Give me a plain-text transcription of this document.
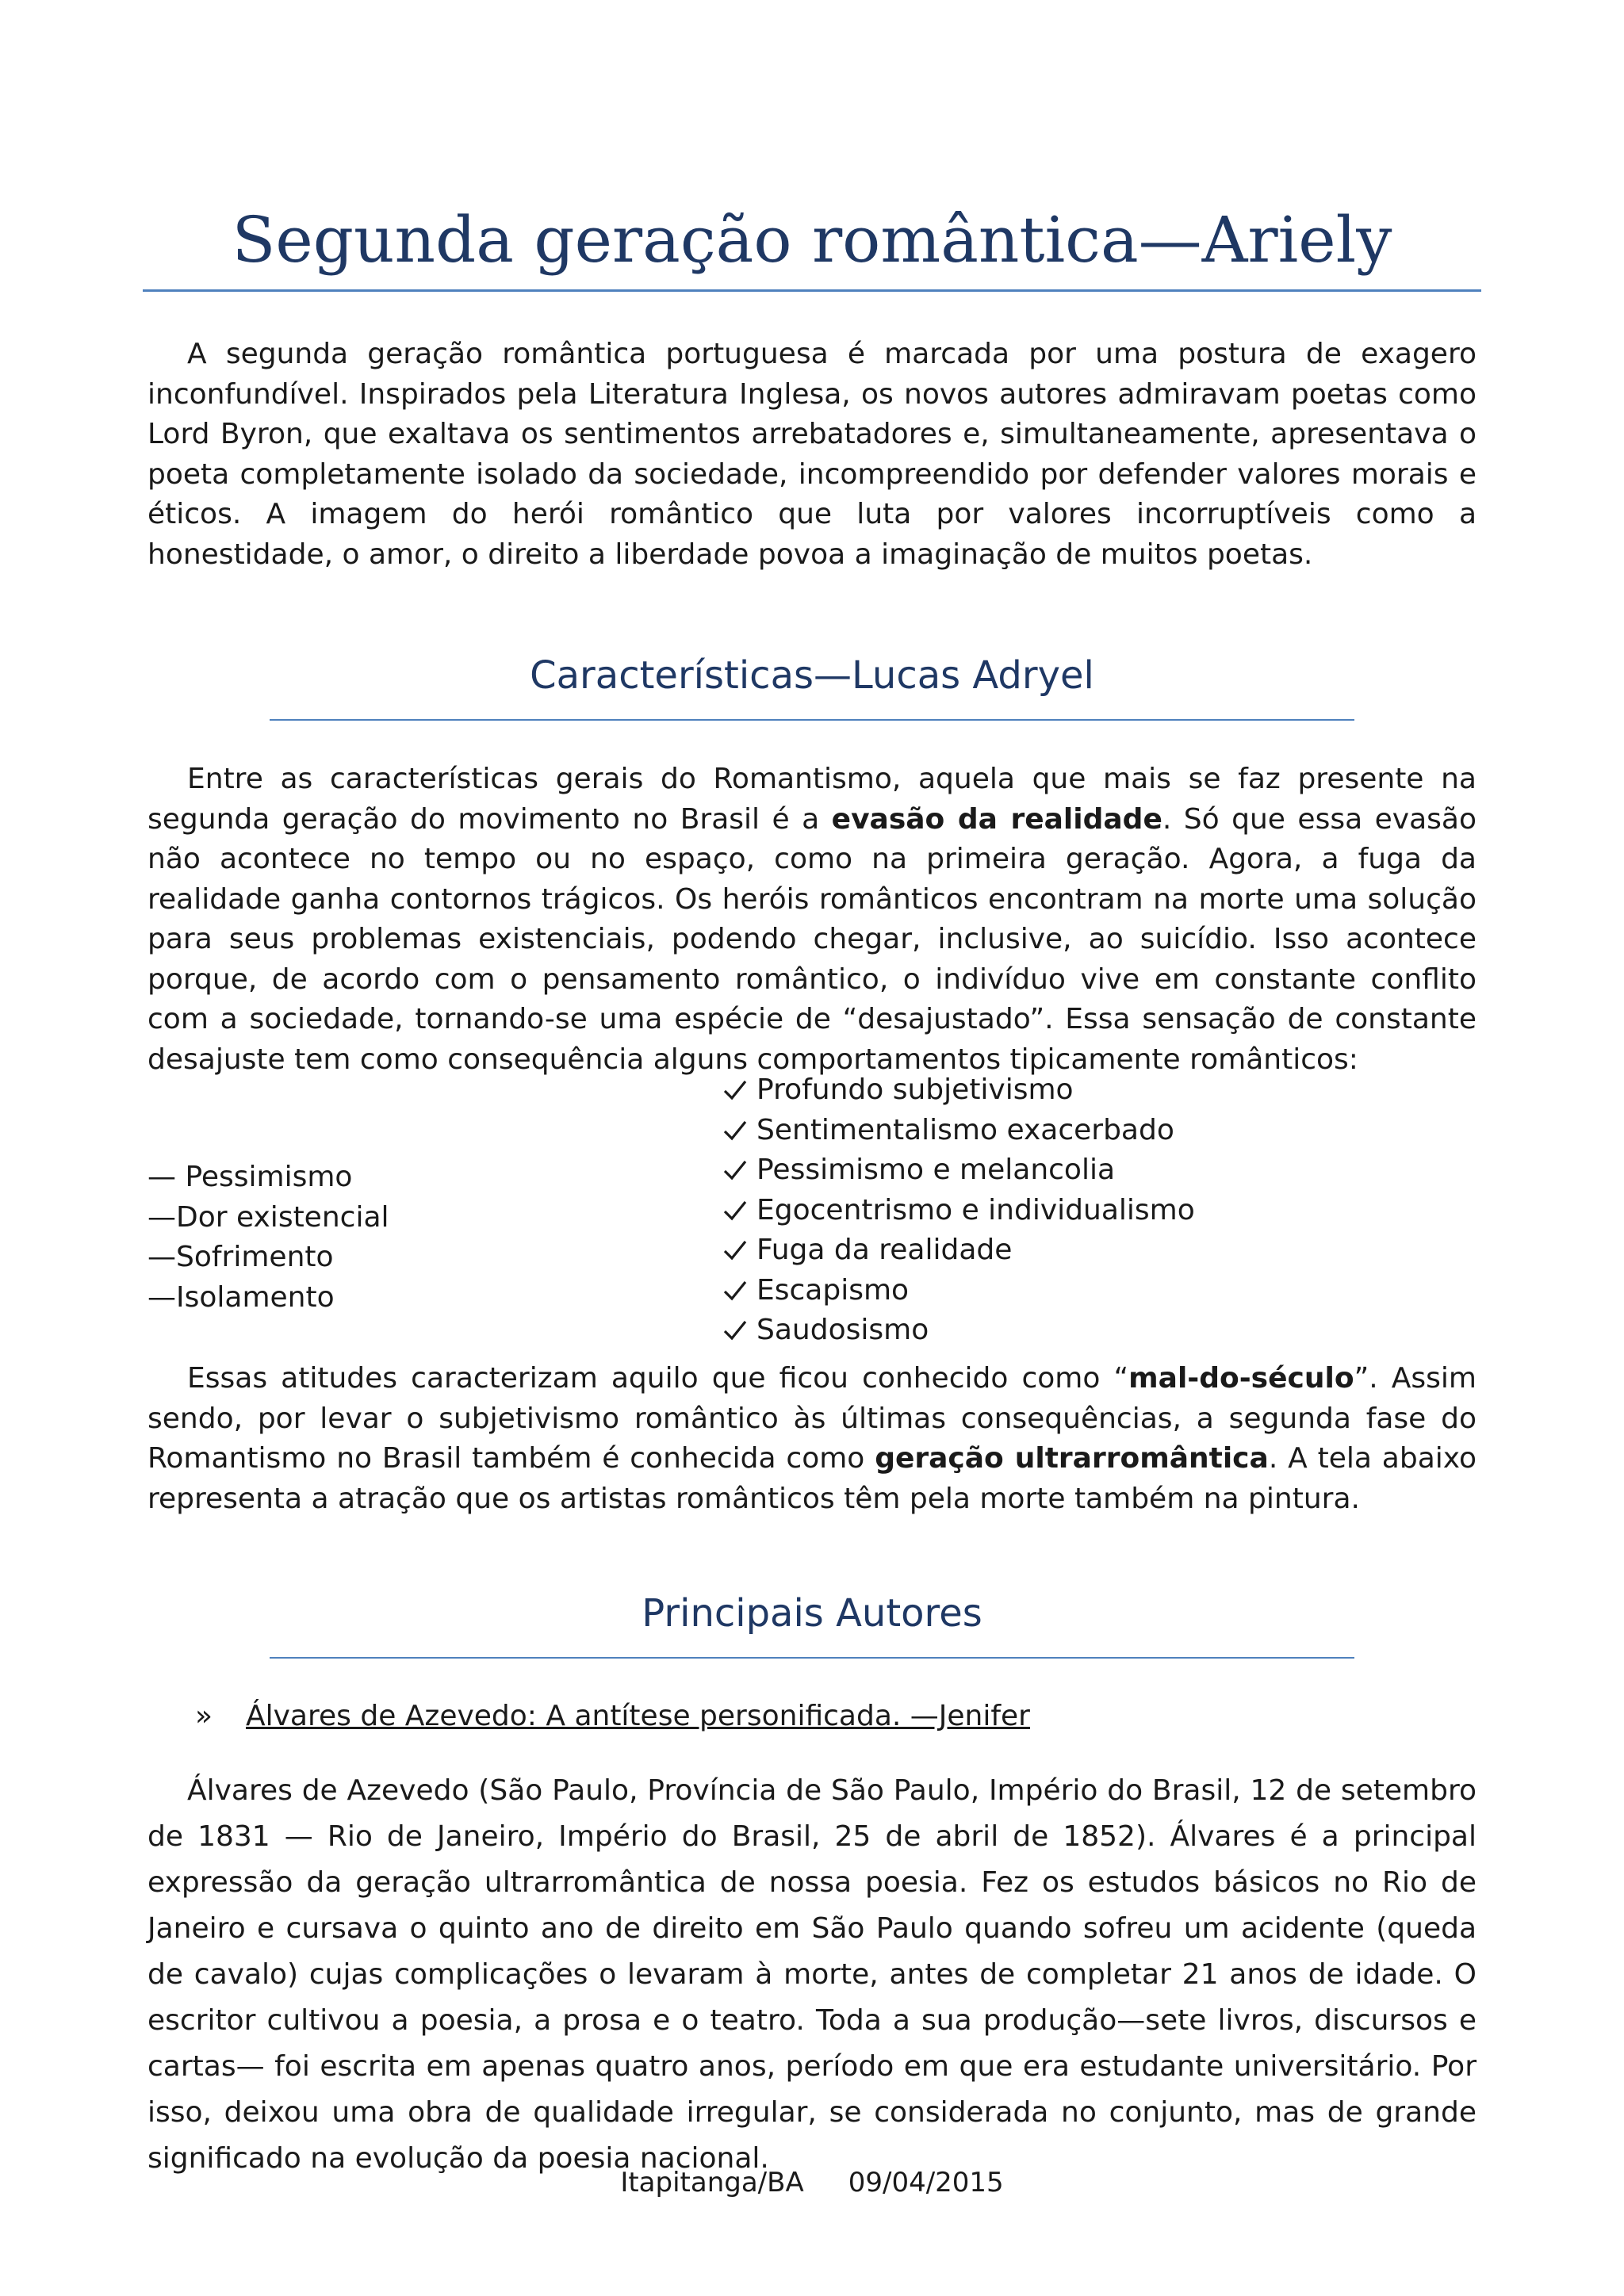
Segunda geração romântica—Ariely

A segunda geração romântica portuguesa é marcada por uma postura de exagero inconfundível. Inspirados pela Literatura Inglesa, os novos autores admiravam poetas como Lord Byron, que exaltava os sentimentos arrebatadores e, simultaneamente, apresentava o poeta completamente isolado da sociedade, incompreendido por defender valores morais e éticos. A imagem do herói romântico que luta por valores incorruptíveis como a honestidade, o amor, o direito a liberdade povoa a imaginação de muitos poetas.

Características—Lucas Adryel

Entre as características gerais do Romantismo, aquela que mais se faz presente na segunda geração do movimento no Brasil é a evasão da realidade. Só que essa evasão não acontece no tempo ou no espaço, como na primeira geração. Agora, a fuga da realidade ganha contornos trágicos. Os heróis românticos encontram na morte uma solução para seus problemas existenciais, podendo chegar, inclusive, ao suicídio. Isso acontece porque, de acordo com o pensamento romântico, o indivíduo vive em constante conflito com a sociedade, tornando-se uma espécie de “desajustado”. Essa sensação de constante desajuste tem como consequência alguns comportamentos tipicamente românticos:

— Pessimismo
—Dor existencial
—Sofrimento
—Isolamento
Profundo subjetivismo
Sentimentalismo exacerbado
Pessimismo e melancolia
Egocentrismo e individualismo
Fuga da realidade
Escapismo
Saudosismo

Essas atitudes caracterizam aquilo que ficou conhecido como “mal-do-século”. Assim sendo, por levar o subjetivismo romântico às últimas consequências, a segunda fase do Romantismo no Brasil também é conhecida como geração ultrarromântica. A tela abaixo representa a atração que os artistas românticos têm pela morte também na pintura.

Principais Autores
» Álvares de Azevedo: A antítese personificada. —Jenifer

Álvares de Azevedo (São Paulo, Província de São Paulo, Império do Brasil, 12 de setembro de 1831 — Rio de Janeiro, Império do Brasil, 25 de abril de 1852). Álvares é a principal expressão da geração ultrarromântica de nossa poesia. Fez os estudos básicos no Rio de Janeiro e cursava o quinto ano de direito em São Paulo quando sofreu um acidente (queda de cavalo) cujas complicações o levaram à morte, antes de completar 21 anos de idade. O escritor cultivou a poesia, a prosa e o teatro. Toda a sua produção—sete livros, discursos e cartas— foi escrita em apenas quatro anos, período em que era estudante universitário. Por isso, deixou uma obra de qualidade irregular, se considerada no conjunto, mas de grande significado na evolução da poesia nacional.

Itapitanga/BA 09/04/2015
